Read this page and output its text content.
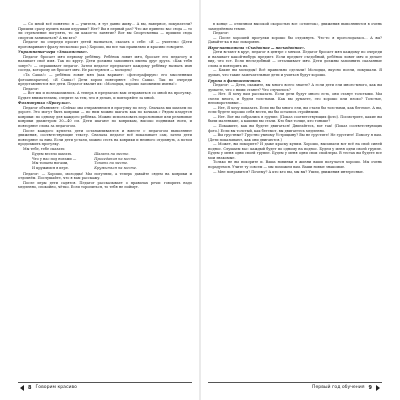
— Со мной всё понятно: я — учитель, я тут давно живу... А вы, наверное, покупатели? Пришли сразу купить наши игрушки? Нет? Вы в первый раз? Что же привело вас сюда — то ли стремление погулять, то ли какое-то занятие? Вот вы Спортсменка — пришли сюда спортом заниматься? А вы кто?

Педагог по очереди просит детей назваться, сказать о себе: «Я — учитель» (Дети проговаривают фразу несколько раз.) Хорошо, вы все так правильно и красиво говорите.

Упражнение-игра «Знакомство».

Педагог бросает мяч первому ребёнку. Ребёнок ловит мяч, бросает его педагогу и называет своё имя. Так по кругу. Дети должны запомнить имена друг друга. «Как тебя зовут?» — спрашивает педагог. Затем педагог предлагает каждому ребёнку назвать имя соседа, которому он бросает мяч. Не растерялся — молодец!

«Та Саша!» — ребёнок ловит мяч (как вариант: «фотографирую» его мысленным фотоаппаратом). «Я Саша»! Дети хором повторяют: «Это Саша». Так по очереди представляются все дети. Педагог хвалит их: «Молодцы, хорошо запомнили имена!»

Педагог:

— Вот мы и познакомились. А теперь я предлагаю вам отправиться со мной на прогулку. Будьте внимательны, следите за тем, что я делаю, и повторяйте за мной.

Физминутка «Прогулка».

Педагог объявляет: «Сейчас мы отправляемся в прогулку по лесу. Сначала мы шагаем по дороге. Это могут быть коврики — по ним можно шагать как по кочкам.» Рядом кладутся коврики: по одному для каждого ребёнка. Можно использовать поролоновые или резиновые коврики диаметром 30—40 см. Дети шагают по коврикам, высоко поднимая ноги, и повторяют слова за педагогом.

После каждого куплета дети останавливаются и вместе с педагогом выполняют движения, соответствующие тексту. Сначала педагог всё показывает сам, затем дети повторяют за ним. Если дети устали, можно сесть на коврики и немного отдохнуть, а потом продолжить прогулку.

Мы тебе, тебе сказать:

Будем весело шагать.
Что у нас под ногами —
Мы топаем ногами,
И кружимся в игре.
Шагать на месте.
Приседания на месте.
Топать на месте.
Кружиться на месте.

Педагог: — Хорошо, молодцы! Мы погуляли, а теперь давайте сядем на коврики и отдохнём. Послушайте, что я вам расскажу.

После игры дети садятся. Педагог рассказывает о правилах речи: говорить надо медленно, спокойно, чётко. Если торопиться, то тебя не поймут.

в конце — отличном высокой скоростью все «отметок», движения выполняются в очень замедлённом темпе.

Педагог:

— После хорошей прогулки хорошо бы отдохнуть. Что-то я проголодалась... А вы? Давайте-ка я вас покормлю.

Игра-пантомима «Съедобное — несъедобное».

Дети встают в круг, педагог в центре с мячом. Педагог бросает мяч каждому по очереди и называет какой-нибудь предмет. Если предмет съедобный, ребёнок ловит мяч и делает вид, что ест. Если несъедобный — отталкивает мяч. Дети должны запомнить сказанные слова и повторить их.

— Какие вы молодцы! Всё правильно сделали! Молодцы, вкусно поели, покушали. Я думаю, что такие замечательные дети и учиться будут хорошо.

Группа в фантастичном.

Педагог: — Дети, скажите, вы много всего знаете? А если дети ели много-много, как вы думаете, что с ними станет? Что случилось?

— Нет. Я хочу вам рассказать. Если дети будут много есть, они станут толстыми. Мы съели много, и будем толстыми. Как вы думаете, это хорошо или плохо? Толстые, неповоротливые...

— Нет, Я хочу показать. Если вы бы много ели, вы стали бы толстыми, как бегемот. А вы, если будете хорошо себя вести, вы бы остались стройными.

— Нет. Вот вы собрались в группе. (Показ соответствующих фото). Посмотрите, какие вы были маленькие, а какими вы стали. Кто был толще, кто тоньше?

— Покажите, как вы будете двигаться! Двигайтесь, вот так! (Показ соответствующих фото.) Если вы толстый, как бегемот, вы двигаетесь медленно.

— Вы грустные? Грустно умному Устрицыну? Вы не грустите! Не грустите! Помогу я вам. (Дети показывают, как они двигаются.)

— Может, вы покорите? И даже краску купим. Хорошо, высыпаем вот всё на свой синей поднос. Слушаем вас: каждый будет по одному на поднос. Будем у меня одни своей группе. Будем у меня одни своей группе. Будем у меня одни свои спойлеры. В тестах вы будете все мои знакомые.

Только не вы покорите и. Ваша новинки в жизни ваши получатся хорошо. Мы очень порадуемся. Учите ту совсем — мы поможем вам. Ваши новые знакомые.

— Мне понравится? Почему? А кто кто вы, мы вы? Ушли, движения интересные.

8 Говорим красиво	Первый год обучения 9
